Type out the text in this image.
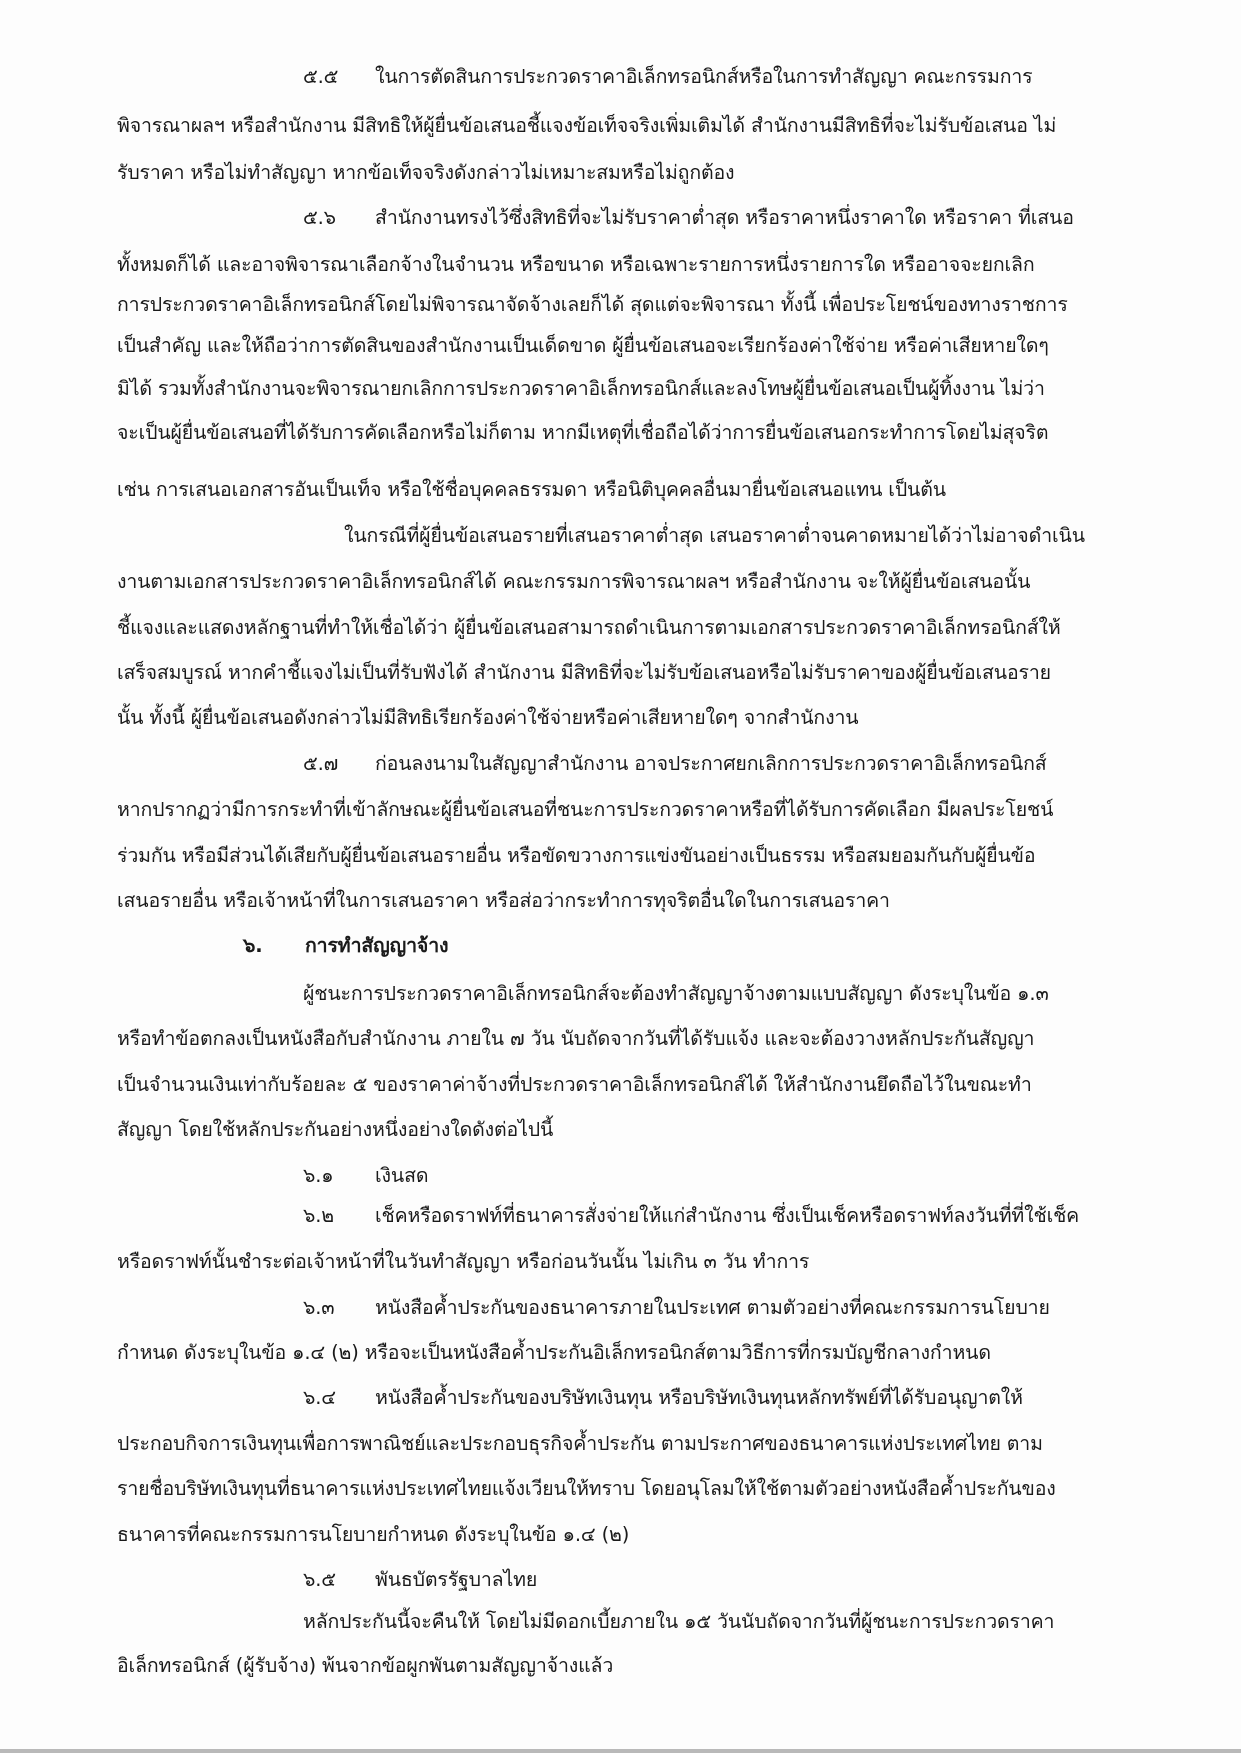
๕.๕ ในการตัดสินการประกวดราคาอิเล็กทรอนิกส์หรือในการทำสัญญา คณะกรรมการ
พิจารณาผลฯ หรือสำนักงาน มีสิทธิให้ผู้ยื่นข้อเสนอชี้แจงข้อเท็จจริงเพิ่มเติมได้ สำนักงานมีสิทธิที่จะไม่รับข้อเสนอ ไม่
รับราคา หรือไม่ทำสัญญา หากข้อเท็จจริงดังกล่าวไม่เหมาะสมหรือไม่ถูกต้อง
๕.๖ สำนักงานทรงไว้ซึ่งสิทธิที่จะไม่รับราคาต่ำสุด หรือราคาหนึ่งราคาใด หรือราคา ที่เสนอ
ทั้งหมดก็ได้ และอาจพิจารณาเลือกจ้างในจำนวน หรือขนาด หรือเฉพาะรายการหนึ่งรายการใด หรืออาจจะยกเลิก
การประกวดราคาอิเล็กทรอนิกส์โดยไม่พิจารณาจัดจ้างเลยก็ได้ สุดแต่จะพิจารณา ทั้งนี้ เพื่อประโยชน์ของทางราชการ
เป็นสำคัญ และให้ถือว่าการตัดสินของสำนักงานเป็นเด็ดขาด ผู้ยื่นข้อเสนอจะเรียกร้องค่าใช้จ่าย หรือค่าเสียหายใดๆ
มิได้ รวมทั้งสำนักงานจะพิจารณายกเลิกการประกวดราคาอิเล็กทรอนิกส์และลงโทษผู้ยื่นข้อเสนอเป็นผู้ทิ้งงาน ไม่ว่า
จะเป็นผู้ยื่นข้อเสนอที่ได้รับการคัดเลือกหรือไม่ก็ตาม หากมีเหตุที่เชื่อถือได้ว่าการยื่นข้อเสนอกระทำการโดยไม่สุจริต
เช่น การเสนอเอกสารอันเป็นเท็จ หรือใช้ชื่อบุคคลธรรมดา หรือนิติบุคคลอื่นมายื่นข้อเสนอแทน เป็นต้น
ในกรณีที่ผู้ยื่นข้อเสนอรายที่เสนอราคาต่ำสุด เสนอราคาต่ำจนคาดหมายได้ว่าไม่อาจดำเนิน
งานตามเอกสารประกวดราคาอิเล็กทรอนิกส์ได้ คณะกรรมการพิจารณาผลฯ หรือสำนักงาน จะให้ผู้ยื่นข้อเสนอนั้น
ชี้แจงและแสดงหลักฐานที่ทำให้เชื่อได้ว่า ผู้ยื่นข้อเสนอสามารถดำเนินการตามเอกสารประกวดราคาอิเล็กทรอนิกส์ให้
เสร็จสมบูรณ์ หากคำชี้แจงไม่เป็นที่รับฟังได้ สำนักงาน มีสิทธิที่จะไม่รับข้อเสนอหรือไม่รับราคาของผู้ยื่นข้อเสนอราย
นั้น ทั้งนี้ ผู้ยื่นข้อเสนอดังกล่าวไม่มีสิทธิเรียกร้องค่าใช้จ่ายหรือค่าเสียหายใดๆ จากสำนักงาน
๕.๗ ก่อนลงนามในสัญญาสำนักงาน อาจประกาศยกเลิกการประกวดราคาอิเล็กทรอนิกส์
หากปรากฏว่ามีการกระทำที่เข้าลักษณะผู้ยื่นข้อเสนอที่ชนะการประกวดราคาหรือที่ได้รับการคัดเลือก มีผลประโยชน์
ร่วมกัน หรือมีส่วนได้เสียกับผู้ยื่นข้อเสนอรายอื่น หรือขัดขวางการแข่งขันอย่างเป็นธรรม หรือสมยอมกันกับผู้ยื่นข้อ
เสนอรายอื่น หรือเจ้าหน้าที่ในการเสนอราคา หรือส่อว่ากระทำการทุจริตอื่นใดในการเสนอราคา
๖. การทำสัญญาจ้าง
ผู้ชนะการประกวดราคาอิเล็กทรอนิกส์จะต้องทำสัญญาจ้างตามแบบสัญญา ดังระบุในข้อ ๑.๓
หรือทำข้อตกลงเป็นหนังสือกับสำนักงาน ภายใน ๗ วัน นับถัดจากวันที่ได้รับแจ้ง และจะต้องวางหลักประกันสัญญา
เป็นจำนวนเงินเท่ากับร้อยละ ๕ ของราคาค่าจ้างที่ประกวดราคาอิเล็กทรอนิกส์ได้ ให้สำนักงานยึดถือไว้ในขณะทำ
สัญญา โดยใช้หลักประกันอย่างหนึ่งอย่างใดดังต่อไปนี้
๖.๑ เงินสด
๖.๒ เช็คหรือดราฟท์ที่ธนาคารสั่งจ่ายให้แก่สำนักงาน ซึ่งเป็นเช็คหรือดราฟท์ลงวันที่ที่ใช้เช็ค
หรือดราฟท์นั้นชำระต่อเจ้าหน้าที่ในวันทำสัญญา หรือก่อนวันนั้น ไม่เกิน ๓ วัน ทำการ
๖.๓ หนังสือค้ำประกันของธนาคารภายในประเทศ ตามตัวอย่างที่คณะกรรมการนโยบาย
กำหนด ดังระบุในข้อ ๑.๔ (๒) หรือจะเป็นหนังสือค้ำประกันอิเล็กทรอนิกส์ตามวิธีการที่กรมบัญชีกลางกำหนด
๖.๔ หนังสือค้ำประกันของบริษัทเงินทุน หรือบริษัทเงินทุนหลักทรัพย์ที่ได้รับอนุญาตให้
ประกอบกิจการเงินทุนเพื่อการพาณิชย์และประกอบธุรกิจค้ำประกัน ตามประกาศของธนาคารแห่งประเทศไทย ตาม
รายชื่อบริษัทเงินทุนที่ธนาคารแห่งประเทศไทยแจ้งเวียนให้ทราบ โดยอนุโลมให้ใช้ตามตัวอย่างหนังสือค้ำประกันของ
ธนาคารที่คณะกรรมการนโยบายกำหนด ดังระบุในข้อ ๑.๔ (๒)
๖.๕ พันธบัตรรัฐบาลไทย
หลักประกันนี้จะคืนให้ โดยไม่มีดอกเบี้ยภายใน ๑๕ วันนับถัดจากวันที่ผู้ชนะการประกวดราคา
อิเล็กทรอนิกส์ (ผู้รับจ้าง) พ้นจากข้อผูกพันตามสัญญาจ้างแล้ว
